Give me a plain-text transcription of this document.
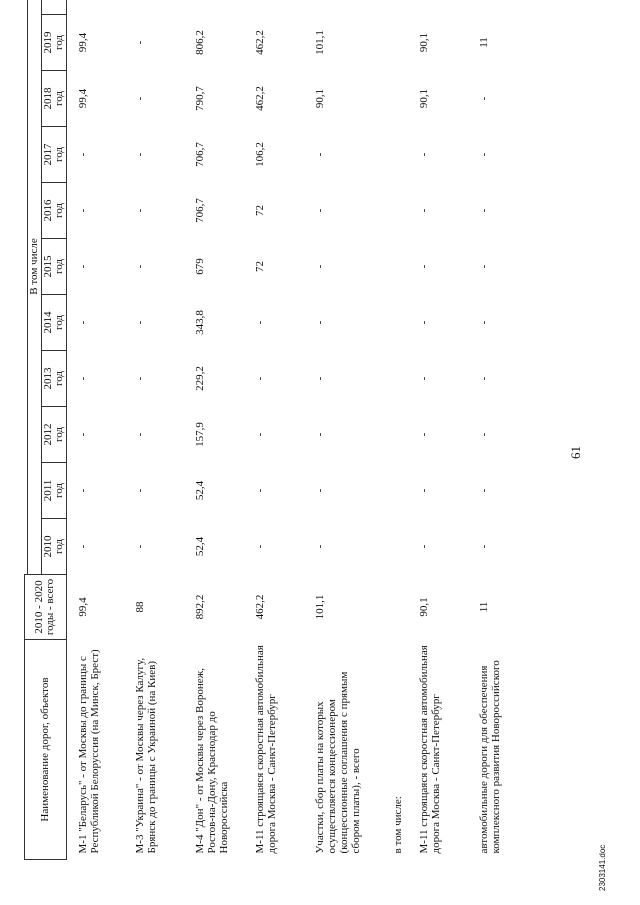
Наименование дорог, объектов	2010 - 2020 годы - всего											
		В том числе										

		2010 год	2011 год	2012 год	2013 год	2014 год	2015 год	2016 год	2017 год	2018 год	2019 год

М-1 "Беларусь" - от Москвы до границы с Республикой Белоруссия (на Минск, Брест)	99,4	-	-	-	-	-	-	-	-	99,4	99,4	
М-3 "Украина" - от Москвы через Калугу, Брянск до границы с Украиной (на Киев)	88	-	-	-	-	-	-	-	-	-	-	
М-4 "Дон" - от Москвы через Воронеж, Ростов-на-Дону, Краснодар до Новороссийска	892,2	52,4	52,4	157,9	229,2	343,8	679	706,7	706,7	790,7	806,2	
М-11 строящаяся скоростная автомобильная дорога Москва - Санкт-Петербург	462,2	-	-	-	-	-	72	72	106,2	462,2	462,2	
Участки, сбор платы на которых осуществляется концессионером (концессионные соглашения с прямым сбором платы), - всего	101,1	-	-	-	-	-	-	-	-	90,1	101,1	
в том числе:												
М-11 строящаяся скоростная автомобильная дорога Москва - Санкт-Петербург	90,1	-	-	-	-	-	-	-	-	90,1	90,1	
автомобильные дороги для обеспечения комплексного развития Новороссийского	11	-	-	-	-	-	-	-	-	-	11	
61
2303141.doc
